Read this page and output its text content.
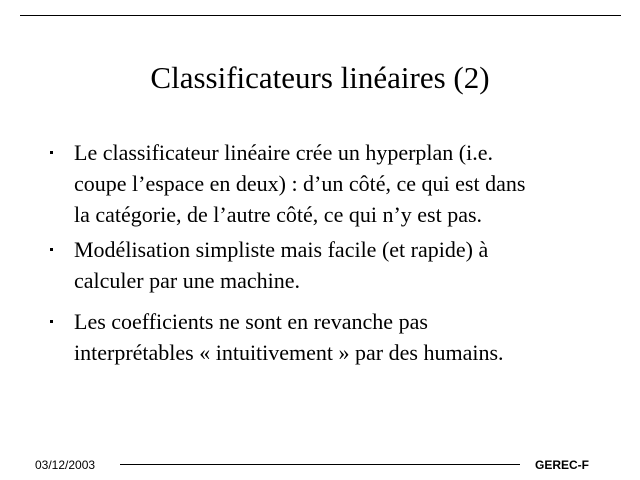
Classificateurs linéaires (2)
Le classificateur linéaire crée un hyperplan (i.e.
coupe l’espace en deux) : d’un côté, ce qui est dans
la catégorie, de l’autre côté, ce qui n’y est pas.
Modélisation simpliste mais facile (et rapide) à
calculer par une machine.
Les coefficients ne sont en revanche pas
interprétables « intuitivement » par des humains.
03/12/2003	GEREC-F
